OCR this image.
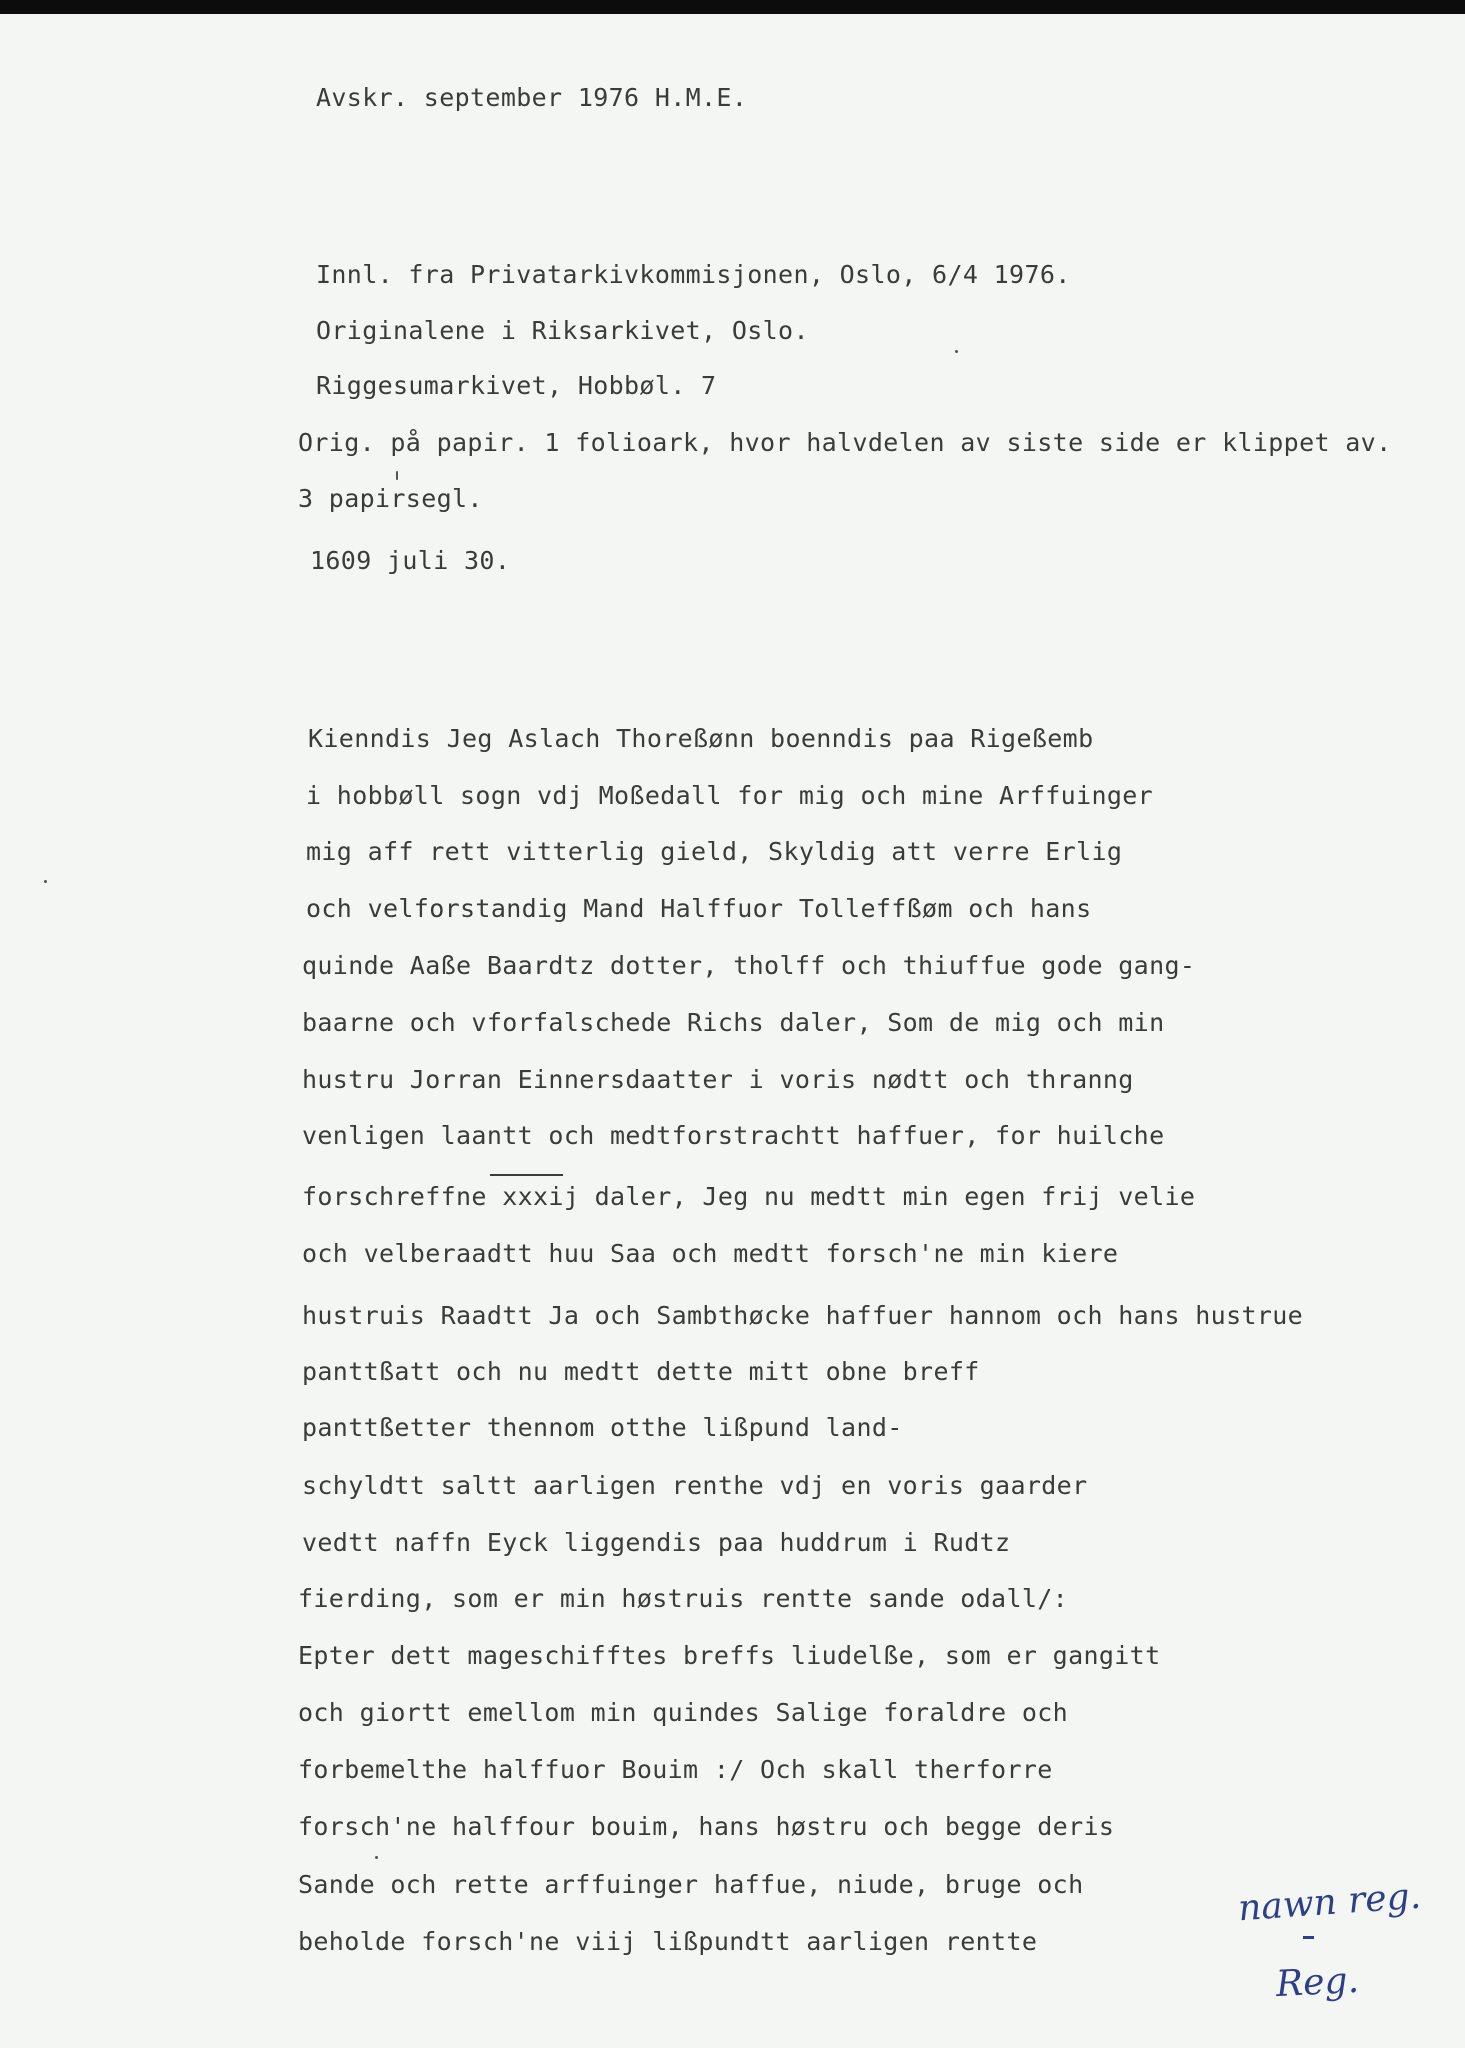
Avskr. september 1976 H.M.E.

Innl. fra Privatarkivkommisjonen, Oslo, 6/4 1976.

Originalene i Riksarkivet, Oslo.

Riggesumarkivet, Hobbøl. 7

Orig. på papir. 1 folioark, hvor halvdelen av siste side er klippet av.

3 papirsegl.

1609 juli 30.

Kienndis Jeg Aslach Thoreßønn boenndis paa Rigeßemb

i hobbøll sogn vdj Moßedall for mig och mine Arffuinger

mig aff rett vitterlig gield, Skyldig att verre Erlig

och velforstandig Mand Halffuor Tolleffßøm och hans

quinde Aaße Baardtz dotter, tholff och thiuffue gode gang-

baarne och vforfalschede Richs daler, Som de mig och min

hustru Jorran Einnersdaatter i voris nødtt och thranng

venligen laantt och medtforstrachtt haffuer, for huilche

forschreffne xxxij daler, Jeg nu medtt min egen frij velie

och velberaadtt huu Saa och medtt forsch'ne min kiere

hustruis Raadtt Ja och Sambthøcke haffuer hannom och hans hustrue

panttßatt och nu medtt dette mitt obne breff

panttßetter thennom otthe lißpund land-

schyldtt saltt aarligen renthe vdj en voris gaarder

vedtt naffn Eyck liggendis paa huddrum i Rudtz

fierding, som er min høstruis rentte sande odall/:

Epter dett mageschifftes breffs liudelße, som er gangitt

och giortt emellom min quindes Salige foraldre och

forbemelthe halffuor Bouim :/ Och skall therforre

forsch'ne halffour bouim, hans høstru och begge deris

Sande och rette arffuinger haffue, niude, bruge och

beholde forsch'ne viij lißpundtt aarligen rentte

nawn reg.

Reg.
